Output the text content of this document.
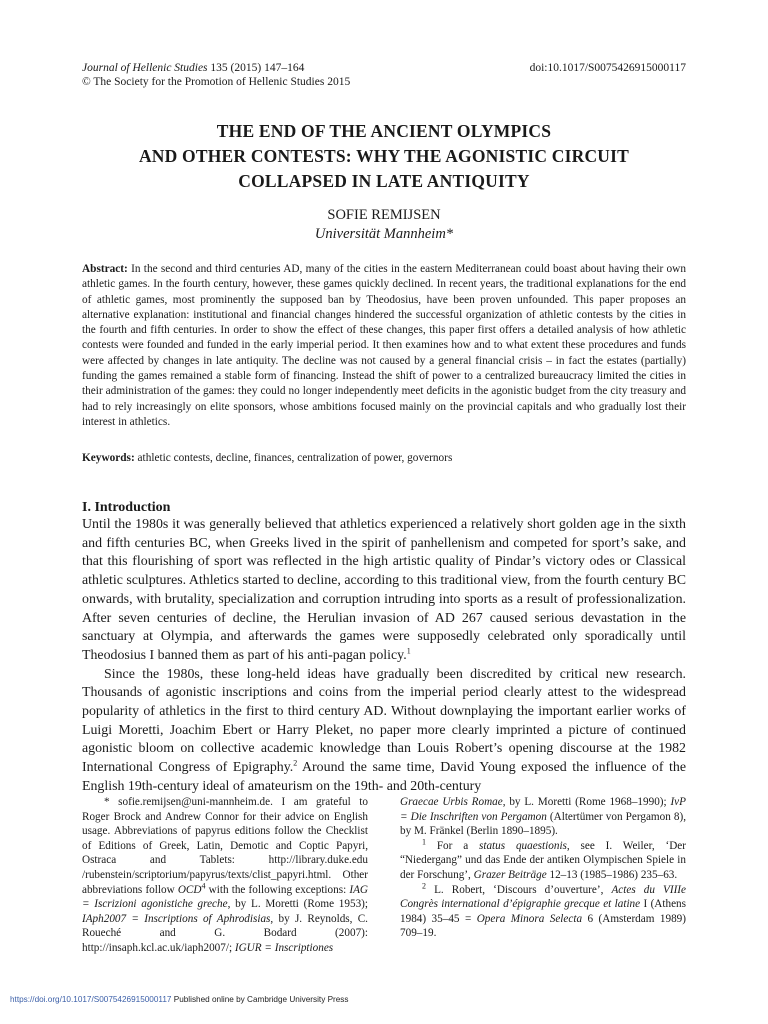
Journal of Hellenic Studies 135 (2015) 147–164
© The Society for the Promotion of Hellenic Studies 2015
doi:10.1017/S0075426915000117
THE END OF THE ANCIENT OLYMPICS
AND OTHER CONTESTS: WHY THE AGONISTIC CIRCUIT
COLLAPSED IN LATE ANTIQUITY
SOFIE REMIJSEN
Universität Mannheim*
Abstract: In the second and third centuries AD, many of the cities in the eastern Mediterranean could boast about having their own athletic games. In the fourth century, however, these games quickly declined. In recent years, the traditional explanations for the end of athletic games, most prominently the supposed ban by Theodosius, have been proven unfounded. This paper proposes an alternative explanation: institutional and financial changes hindered the successful organization of athletic contests by the cities in the fourth and fifth centuries. In order to show the effect of these changes, this paper first offers a detailed analysis of how athletic contests were founded and funded in the early imperial period. It then examines how and to what extent these procedures and funds were affected by changes in late antiquity. The decline was not caused by a general financial crisis – in fact the estates (partially) funding the games remained a stable form of financing. Instead the shift of power to a centralized bureaucracy limited the cities in their administration of the games: they could no longer independently meet deficits in the agonistic budget from the city treasury and had to rely increasingly on elite sponsors, whose ambitions focused mainly on the provincial capitals and who gradually lost their interest in athletics.
Keywords: athletic contests, decline, finances, centralization of power, governors
I. Introduction

Until the 1980s it was generally believed that athletics experienced a relatively short golden age in the sixth and fifth centuries BC, when Greeks lived in the spirit of panhellenism and competed for sport’s sake, and that this flourishing of sport was reflected in the high artistic quality of Pindar’s victory odes or Classical athletic sculptures. Athletics started to decline, according to this traditional view, from the fourth century BC onwards, with brutality, specialization and corruption intruding into sports as a result of professionalization. After seven centuries of decline, the Herulian invasion of AD 267 caused serious devastation in the sanctuary at Olympia, and afterwards the games were supposedly celebrated only sporadically until Theodosius I banned them as part of his anti-pagan policy.$^1$

Since the 1980s, these long-held ideas have gradually been discredited by critical new research. Thousands of agonistic inscriptions and coins from the imperial period clearly attest to the widespread popularity of athletics in the first to third century AD. Without downplaying the important earlier works of Luigi Moretti, Joachim Ebert or Harry Pleket, no paper more clearly imprinted a picture of continued agonistic bloom on collective academic knowledge than Louis Robert’s opening discourse at the 1982 International Congress of Epigraphy.$^2$ Around the same time, David Young exposed the influence of the English 19th-century ideal of amateurism on the 19th- and 20th-century

* sofie.remijsen@uni-mannheim.de. I am grateful to Roger Brock and Andrew Connor for their advice on English usage. Abbreviations of papyrus editions follow the Checklist of Editions of Greek, Latin, Demotic and Coptic Papyri, Ostraca and Tablets: http://library.duke.edu /rubenstein/scriptorium/papyrus/texts/clist_papyri.html. Other abbreviations follow OCD$^4$ with the following exceptions: IAG = Iscrizioni agonistiche greche, by L. Moretti (Rome 1953); IAph2007 = Inscriptions of Aphrodisias, by J. Reynolds, C. Roueché and G. Bodard (2007): http://insaph.kcl.ac.uk/iaph2007/; IGUR = Inscriptiones

Graecae Urbis Romae, by L. Moretti (Rome 1968–1990); IvP = Die Inschriften von Pergamon (Altertümer von Pergamon 8), by M. Fränkel (Berlin 1890–1895).

$^1$ For a status quaestionis, see I. Weiler, ‘Der “Niedergang” und das Ende der antiken Olympischen Spiele in der Forschung’, Grazer Beiträge 12–13 (1985–1986) 235–63.

$^2$ L. Robert, ‘Discours d’ouverture’, Actes du VIIIe Congrès international d’épigraphie grecque et latine I (Athens 1984) 35–45 = Opera Minora Selecta 6 (Amsterdam 1989) 709–19.

https://doi.org/10.1017/S0075426915000117 Published online by Cambridge University Press
